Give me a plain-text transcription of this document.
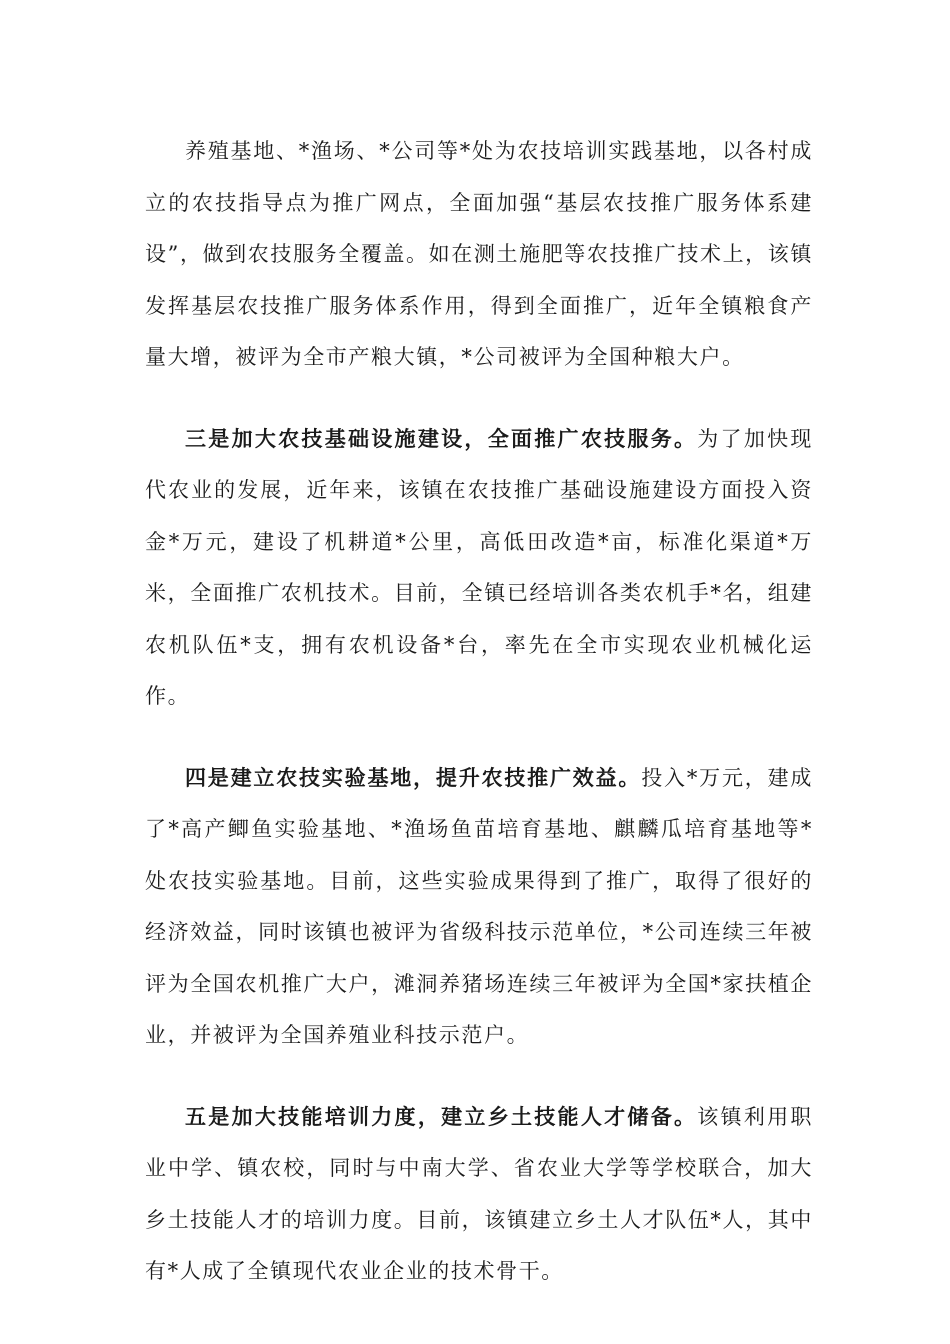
养殖基地、*渔场、*公司等*处为农技培训实践基地，以各村成立的农技指导点为推广网点，全面加强“基层农技推广服务体系建设”，做到农技服务全覆盖。如在测土施肥等农技推广技术上，该镇发挥基层农技推广服务体系作用，得到全面推广，近年全镇粮食产量大增，被评为全市产粮大镇，*公司被评为全国种粮大户。

三是加大农技基础设施建设，全面推广农技服务。为了加快现代农业的发展，近年来，该镇在农技推广基础设施建设方面投入资金*万元，建设了机耕道*公里，高低田改造*亩，标准化渠道*万米，全面推广农机技术。目前，全镇已经培训各类农机手*名，组建农机队伍*支，拥有农机设备*台，率先在全市实现农业机械化运作。

四是建立农技实验基地，提升农技推广效益。投入*万元，建成了*高产鲫鱼实验基地、*渔场鱼苗培育基地、麒麟瓜培育基地等*处农技实验基地。目前，这些实验成果得到了推广，取得了很好的经济效益，同时该镇也被评为省级科技示范单位，*公司连续三年被评为全国农机推广大户，滩洞养猪场连续三年被评为全国*家扶植企业，并被评为全国养殖业科技示范户。

五是加大技能培训力度，建立乡土技能人才储备。该镇利用职业中学、镇农校，同时与中南大学、省农业大学等学校联合，加大乡土技能人才的培训力度。目前，该镇建立乡土人才队伍*人，其中有*人成了全镇现代农业企业的技术骨干。
